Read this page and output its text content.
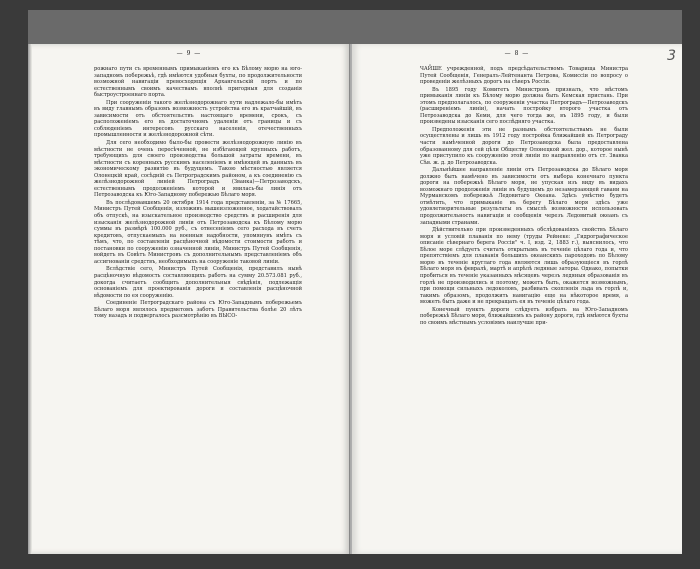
— 9 —

рожнаго пути съ временнымъ примыканіемъ его къ Бѣлому морю на юго-западномъ побережьѣ, гдѣ имѣются удобныя бухты, по продолжительности возможной навигаціи превосходящія Архангельскій портъ и по естественнымъ своимъ качествамъ вполнѣ пригодныя для созданія быстроустроеннаго порта.

При сооруженіи такого желѣзнодорожнаго пути надлежало-бы имѣть въ виду главнымъ образомъ возможность устройства его въ кратчайшій, въ зависимости отъ обстоятельствъ настоящаго времени, срокъ, съ расположеніемъ его въ достаточномъ удаленіи отъ границы и съ соблюденіемъ интересовъ русскаго населенія, отечественныхъ промышленности и желѣзнодорожной сѣти.

Для сего необходимо было-бы провести желѣзнодорожную линію въ мѣстности не очень пересѣченной, не избѣгающей крупныхъ работъ, требующихъ для своего производства большой затраты времени, въ мѣстности съ коренныхъ русскимъ населеніемъ и имѣющей въ данныхъ въ экономическому развитію въ будущемъ. Такою мѣстностью является Олонецкій край, сосѣдній съ Петроградскимъ районом, а къ соединенію съ желѣзнодорожной линіей Петроградъ (Званка)—Петрозаводскъ, естественнымъ продолженіемъ которой и явилась-бы линія отъ Петрозаводска къ Юго-Западному побережью Бѣлаго моря.

Въ послѣдовавшемъ 20 октября 1914 года представленіи, за № 17665, Министръ Путей Сообщенія, изложивъ вышеизложенное, ходатайствовалъ объ отпускѣ, на изыскательное производство средствъ и расширенія для изысканія желѣзнодорожной линіи отъ Петрозаводска къ Бѣлому морю суммы въ размѣрѣ 100.000 руб., съ отнесеніемъ сего расхода въ счетъ кредитовъ, отпускаемыхъ на военныя надобности, упомянувъ имѣть съ тѣмъ, что, по составленіи расцѣночной вѣдомости стоимости работъ и постановки по сооруженію означенной линіи, Министръ Путей Сообщенія, войдетъ въ Совѣтъ Министровъ съ дополнительнымъ представленіемъ объ ассигнованіи средствъ, необходимыхъ на сооруженіе таковой линіи.

Вслѣдствіе сего, Министръ Путей Сообщенія, представилъ нынѣ расцѣночную вѣдомость составляющихъ работъ на сумму 20.573.081 руб., докогда считаетъ сообщить дополнительныя свѣдѣнія, подлежащія основаніемъ для проектированія дороги и составленія расцѣночной вѣдомости по ея сооруженію.

Соединеніе Петроградскаго района съ Юго-Западнымъ побережьемъ Бѣлаго моря являлось предметомъ заботъ Правительства болѣе 20 лѣтъ тому назадъ и подвергалось разсмотрѣнію въ ВЫСО-

— 8 —	3

ЧАЙШЕ учрежденной, подъ предсѣдательствомъ Товарища Министра Путей Сообщенія, Генералъ-Лейтенанта Петрова, Комиссіи по вопросу о проведеніи желѣзныхъ дорогъ на сѣверъ Россіи.

Въ 1895 году Комитетъ Министровъ призналъ, что мѣстомъ примыканія линіи къ Бѣлому морю должна быть Кемская пристань. При этомъ предполагалось, по сооруженіи участка Петроградъ—Петрозаводскъ (расширеніемъ линіи), начать постройку второго участка отъ Петрозаводска до Кеми, для чего тогда же, въ 1895 году, и были произведены изысканія сего послѣдняго участка.

Предположенія эти не разнымъ обстоятельствамъ не были осуществлены и лишь въ 1912 году постройка ближайшей къ Петрограду части намѣченной дороги до Петрозаводска была предоставлена образованному для сей цѣли Обществу Олонецкой жел. дор., которое нынѣ уже приступило къ сооруженію этой линіи по направленію отъ ст. Званка Сѣв. ж. д. до Петрозаводска.

Дальнѣйшее направленіе линіи отъ Петрозаводска до Бѣлаго моря должно быть намѣчено въ зависимости отъ выбора конечнаго пункта дороги на побережьѣ Бѣлаго моря, не упуская изъ виду въ видахъ возможнаго продолженія линіи въ будущемъ до незамерзающей гавани на Мурманскомъ побережьѣ Ледовитаго Океана. Здѣсь умѣстно будетъ отмѣтить, что примыканіе въ берегу Бѣлаго моря здѣсь уже удовлетворительные результаты въ смыслѣ возможности использовать продолжительность навигаціи и сообщенія черезъ Ледовитый океанъ съ западными странами.

Дѣйствительно при произведенныхъ обслѣдованіяхъ свойствъ Бѣлаго моря и условій плаванія по нему (труды Рейнеке: „Гидрографическое описаніе сѣвернаго берега Россіи" ч. I, изд. 2, 1883 г.), выяснилось, что Бѣлое море слѣдуетъ считать открытымъ въ теченіе цѣлаго года и, что препятствіемъ для плаванія большихъ океанскихъ пароходовъ по Бѣлому морю въ теченіе круглаго года являются лишь образующіеся въ горлѣ Бѣлаго моря въ февралѣ, мартѣ и апрѣлѣ ледяные заторы. Однако, попытки пробиться въ теченіе указанныхъ мѣсяцевъ черезъ ледяныя образованія въ горлѣ не производились и поэтому, можетъ быть, окажется возможнымъ, при помощи сильныхъ ледоколовъ, разбивать скопленія льда въ горлѣ и, такимъ образомъ, продолжить навигацію еще на нѣкоторое время, а можетъ быть даже и не прекращать ея въ теченіе цѣлаго года.

Конечный пунктъ дороги слѣдуетъ избрать на Юго-Западномъ побережьѣ Бѣлаго моря, ближайшемъ къ району дороги, гдѣ имѣются бухты по своимъ мѣстнымъ условіямъ наилучше при-
